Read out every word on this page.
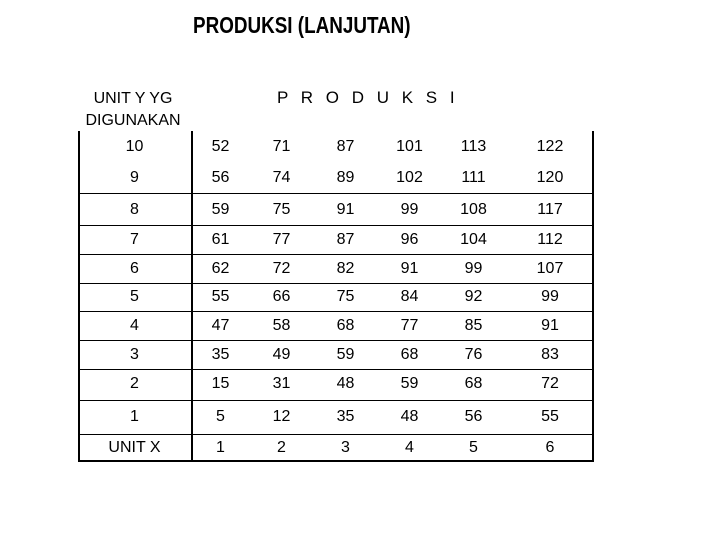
PRODUKSI (LANJUTAN)
UNIT Y YG DIGUNAKAN
P R O D U K S I
10	52	71	87	101	113	122
9	56	74	89	102	111	120
8	59	75	91	99	108	117
7	61	77	87	96	104	112
6	62	72	82	91	99	107
5	55	66	75	84	92	99
4	47	58	68	77	85	91
3	35	49	59	68	76	83
2	15	31	48	59	68	72
1	5	12	35	48	56	55
UNIT X	1	2	3	4	5	6
